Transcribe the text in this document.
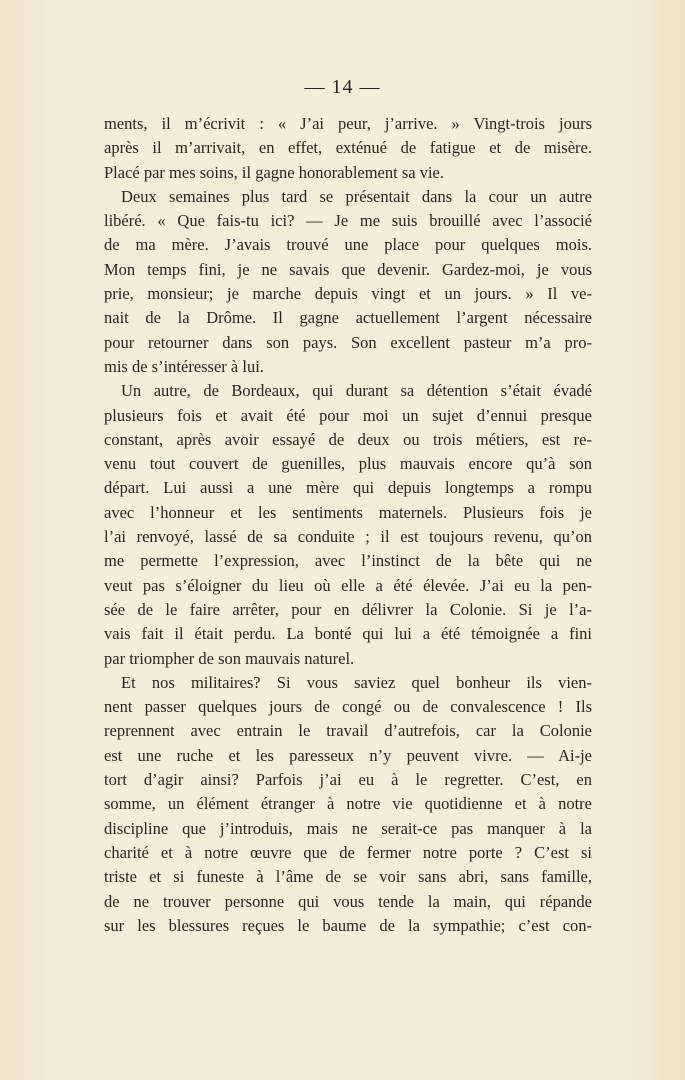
— 14 —
ments, il m’écrivit : « J’ai peur, j’arrive. » Vingt-trois jours
après il m’arrivait, en effet, exténué de fatigue et de misère.
Placé par mes soins, il gagne honorablement sa vie.
Deux semaines plus tard se présentait dans la cour un autre
libéré. « Que fais-tu ici? — Je me suis brouillé avec l’associé
de ma mère. J’avais trouvé une place pour quelques mois.
Mon temps fini, je ne savais que devenir. Gardez-moi, je vous
prie, monsieur; je marche depuis vingt et un jours. » Il ve-
nait de la Drôme. Il gagne actuellement l’argent nécessaire
pour retourner dans son pays. Son excellent pasteur m’a pro-
mis de s’intéresser à lui.
Un autre, de Bordeaux, qui durant sa détention s’était évadé
plusieurs fois et avait été pour moi un sujet d’ennui presque
constant, après avoir essayé de deux ou trois métiers, est re-
venu tout couvert de guenilles, plus mauvais encore qu’à son
départ. Lui aussi a une mère qui depuis longtemps a rompu
avec l’honneur et les sentiments maternels. Plusieurs fois je
l’ai renvoyé, lassé de sa conduite ; il est toujours revenu, qu’on
me permette l’expression, avec l’instinct de la bête qui ne
veut pas s’éloigner du lieu où elle a été élevée. J’ai eu la pen-
sée de le faire arrêter, pour en délivrer la Colonie. Si je l’a-
vais fait il était perdu. La bonté qui lui a été témoignée a fini
par triompher de son mauvais naturel.
Et nos militaires? Si vous saviez quel bonheur ils vien-
nent passer quelques jours de congé ou de convalescence ! Ils
reprennent avec entrain le travail d’autrefois, car la Colonie
est une ruche et les paresseux n’y peuvent vivre. — Ai-je
tort d’agir ainsi? Parfois j’ai eu à le regretter. C’est, en
somme, un élément étranger à notre vie quotidienne et à notre
discipline que j’introduis, mais ne serait-ce pas manquer à la
charité et à notre œuvre que de fermer notre porte ? C’est si
triste et si funeste à l’âme de se voir sans abri, sans famille,
de ne trouver personne qui vous tende la main, qui répande
sur les blessures reçues le baume de la sympathie; c’est con-
